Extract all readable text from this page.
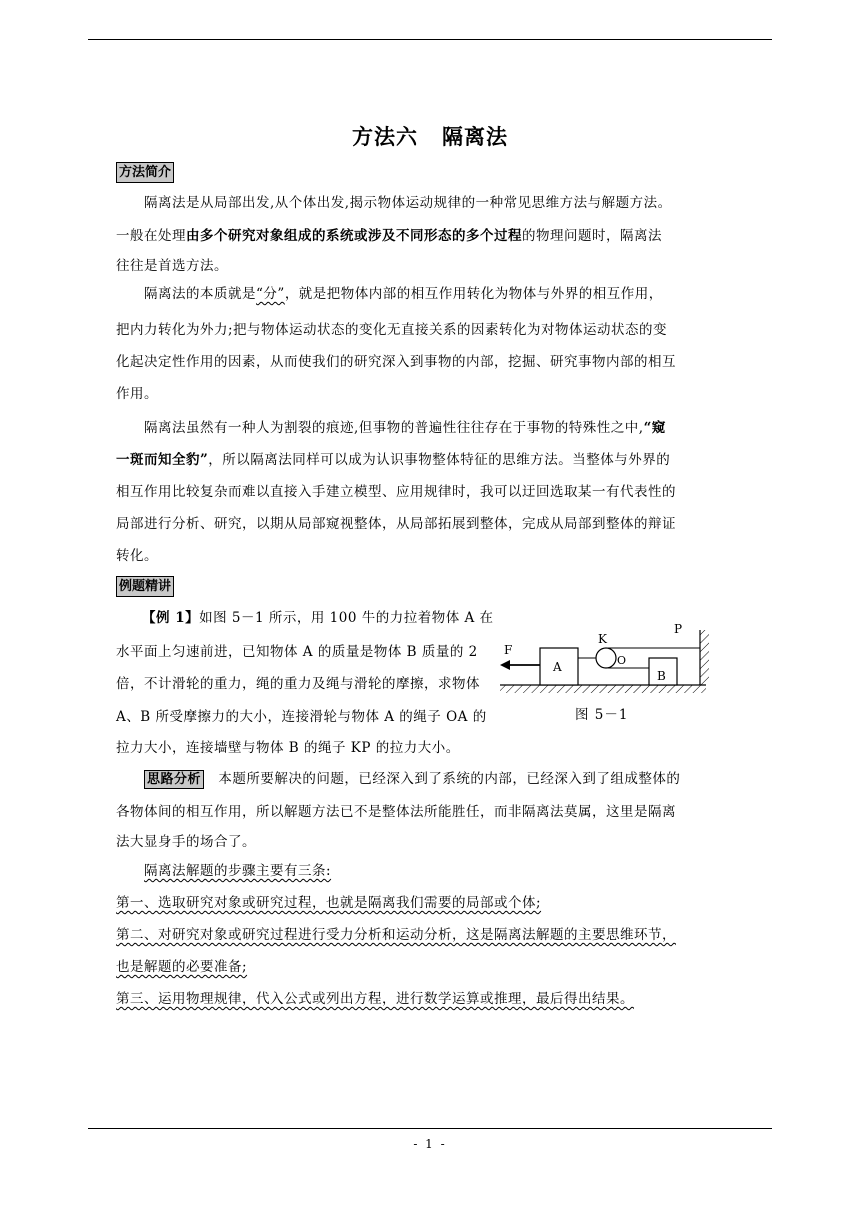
方法六 隔离法
方法简介
隔离法是从局部出发,从个体出发,揭示物体运动规律的一种常见思维方法与解题方法。
一般在处理由多个研究对象组成的系统或涉及不同形态的多个过程的物理问题时，隔离法
往往是首选方法。
隔离法的本质就是“分”，就是把物体内部的相互作用转化为物体与外界的相互作用，
把内力转化为外力;把与物体运动状态的变化无直接关系的因素转化为对物体运动状态的变
化起决定性作用的因素，从而使我们的研究深入到事物的内部，挖掘、研究事物内部的相互
作用。
隔离法虽然有一种人为割裂的痕迹,但事物的普遍性往往存在于事物的特殊性之中,“窥
一斑而知全豹”，所以隔离法同样可以成为认识事物整体特征的思维方法。当整体与外界的
相互作用比较复杂而难以直接入手建立模型、应用规律时，我可以迂回选取某一有代表性的
局部进行分析、研究，以期从局部窥视整体，从局部拓展到整体，完成从局部到整体的辩证
转化。
例题精讲
【例 1】如图 5－1 所示，用 100 牛的力拉着物体 A 在
水平面上匀速前进，已知物体 A 的质量是物体 B 质量的 2
倍，不计滑轮的重力，绳的重力及绳与滑轮的摩擦，求物体
A、B 所受摩擦力的大小，连接滑轮与物体 A 的绳子 OA 的
拉力大小，连接墙壁与物体 B 的绳子 KP 的拉力大小。
F
A
K
O
B
P
图 5－1
思路分析 本题所要解决的问题，已经深入到了系统的内部，已经深入到了组成整体的
各物体间的相互作用，所以解题方法已不是整体法所能胜任，而非隔离法莫属，这里是隔离
法大显身手的场合了。
隔离法解题的步骤主要有三条:
第一、选取研究对象或研究过程，也就是隔离我们需要的局部或个体;
第二、对研究对象或研究过程进行受力分析和运动分析，这是隔离法解题的主要思维环节，
也是解题的必要准备;
第三、运用物理规律，代入公式或列出方程，进行数学运算或推理，最后得出结果。
- 1 -
